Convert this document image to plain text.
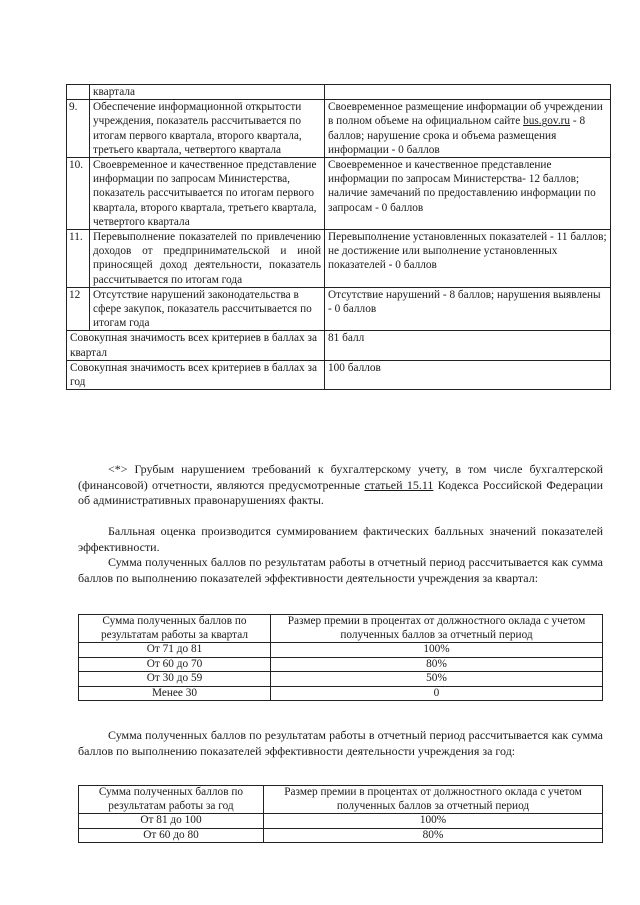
	квартала	
9.	Обеспечение информационной открытости учреждения, показатель рассчитывается по итогам первого квартала, второго квартала, третьего квартала, четвертого квартала	Своевременное размещение информации об учреждении в полном объеме на официальном сайте bus.gov.ru - 8 баллов; нарушение срока и объема размещения информации - 0 баллов
10.	Своевременное и качественное представление информации по запросам Министерства, показатель рассчитывается по итогам первого квартала, второго квартала, третьего квартала, четвертого квартала	Своевременное и качественное представление информации по запросам Министерства- 12 баллов; наличие замечаний по предоставлению информации по запросам - 0 баллов
11.	Перевыполнение показателей по привлечению доходов от предпринимательской и иной приносящей доход деятельности, показатель рассчитывается по итогам года	Перевыполнение установленных показателей - 11 баллов; не достижение или выполнение установленных показателей - 0 баллов
12	Отсутствие нарушений законодательства в сфере закупок, показатель рассчитывается по итогам года	Отсутствие нарушений - 8 баллов; нарушения выявлены - 0 баллов
Совокупная значимость всех критериев в баллах за квартал		81 балл
Совокупная значимость всех критериев в баллах за год		100 баллов
<*> Грубым нарушением требований к бухгалтерскому учету, в том числе бухгалтерской (финансовой) отчетности, являются предусмотренные статьей 15.11 Кодекса Российской Федерации об административных правонарушениях факты.
Балльная оценка производится суммированием фактических балльных значений показателей эффективности.
Сумма полученных баллов по результатам работы в отчетный период рассчитывается как сумма баллов по выполнению показателей эффективности деятельности учреждения за квартал:
Сумма полученных баллов по результатам работы за квартал	Размер премии в процентах от должностного оклада с учетом полученных баллов за отчетный период
От 71 до 81	100%
От 60 до 70	80%
От 30 до 59	50%
Менее 30	0
Сумма полученных баллов по результатам работы в отчетный период рассчитывается как сумма баллов по выполнению показателей эффективности деятельности учреждения за год:
Сумма полученных баллов по результатам работы за год	Размер премии в процентах от должностного оклада с учетом полученных баллов за отчетный период
От 81 до 100	100%
От 60 до 80	80%
